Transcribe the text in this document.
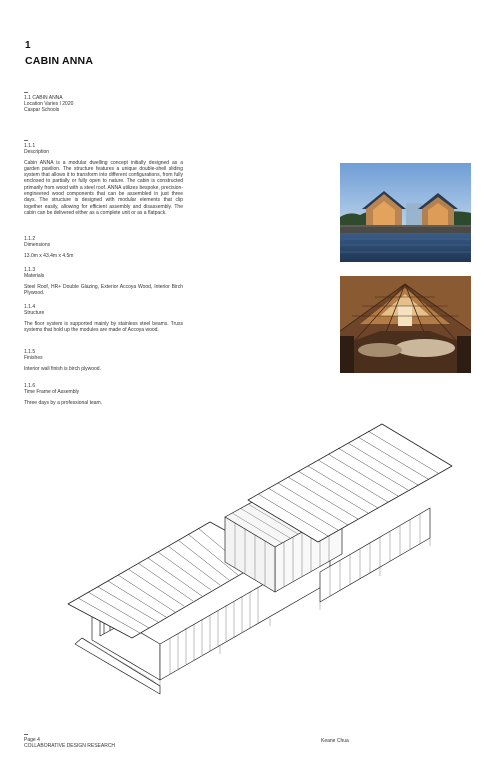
1
CABIN ANNA
1.1 CABIN ANNA
Location Varies I 2020
Caspar Schools
1.1.1
Description

Cabin ANNA is a modular dwelling concept initially designed as a garden pavilion. The structure features a unique double-shell sliding system that allows it to transform into different configurations, from fully enclosed to partially or fully open to nature. The cabin is constructed primarily from wood with a steel roof. ANNA utilizes bespoke, precision-engineered wood components that can be assembled in just three days. The structure is designed with modular elements that clip together easily, allowing for efficient assembly and disassembly. The cabin can be delivered either as a complete unit or as a flatpack.

1.1.2
Dimensions

13.0m x 43.4m x 4.5m

1.1.3
Materials

Steel Roof, HR+ Double Glazing, Exterior Accoya Wood, Interior Birch Plywood.

1.1.4
Structure

The floor system is supported mainly by stainless steel beams. Truss systems that hold up the modules are made of Accoya wood.

1.1.5
Finishes

Interior wall finish is birch plywood.

1.1.6
Time Frame of Assembly

Three days by a professional team.

Page 4
COLLABORATIVE DESIGN RESEARCH
Keane Chua
